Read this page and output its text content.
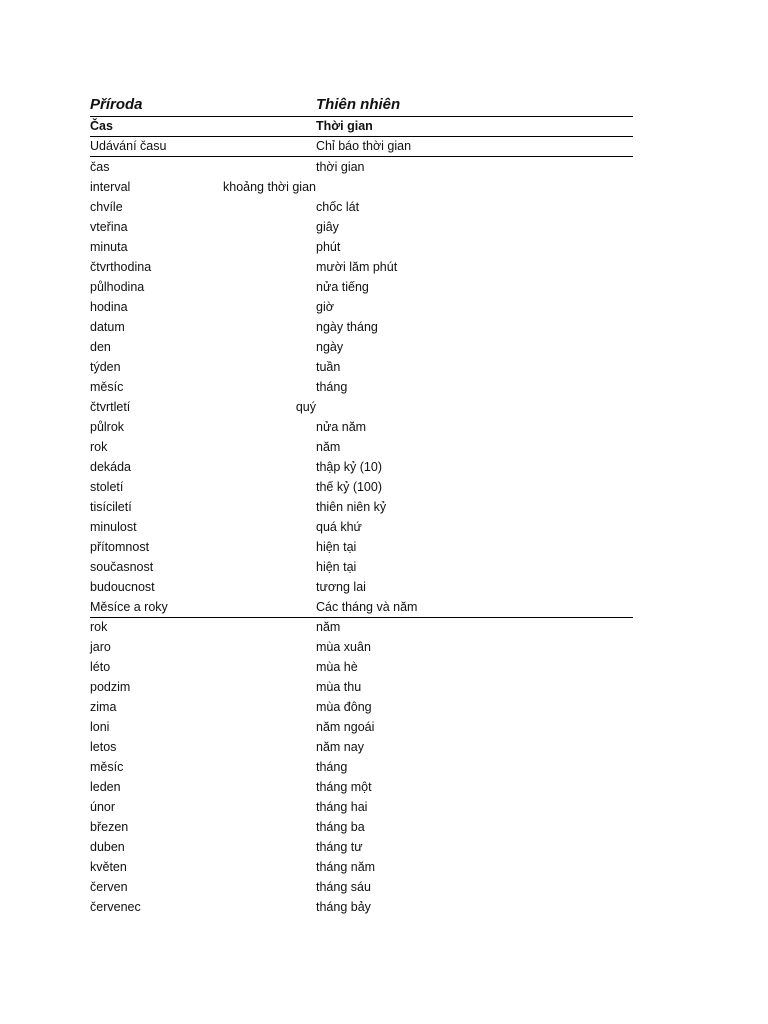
Příroda	Thiên nhiên
Čas	Thời gian
Udávání času	Chỉ báo thời gian
čas	thời gian
interval	khoảng thời gian
chvíle	chốc lát
vteřina	giây
minuta	phút
čtvrthodina	mười lăm phút
půlhodina	nửa tiếng
hodina	giờ
datum	ngày tháng
den	ngày
týden	tuần
měsíc	tháng
čtvrtletí	quý
půlrok	nửa năm
rok	năm
dekáda	thập kỷ (10)
století	thế kỷ (100)
tisíciletí	thiên niên kỷ
minulost	quá khứ
přítomnost	hiện tại
současnost	hiện tại
budoucnost	tương lai
Měsíce a roky	Các tháng và năm
rok	năm
jaro	mùa xuân
léto	mùa hè
podzim	mùa thu
zima	mùa đông
loni	năm ngoái
letos	năm nay
měsíc	tháng
leden	tháng một
únor	tháng hai
březen	tháng ba
duben	tháng tư
květen	tháng năm
červen	tháng sáu
červenec	tháng bảy
